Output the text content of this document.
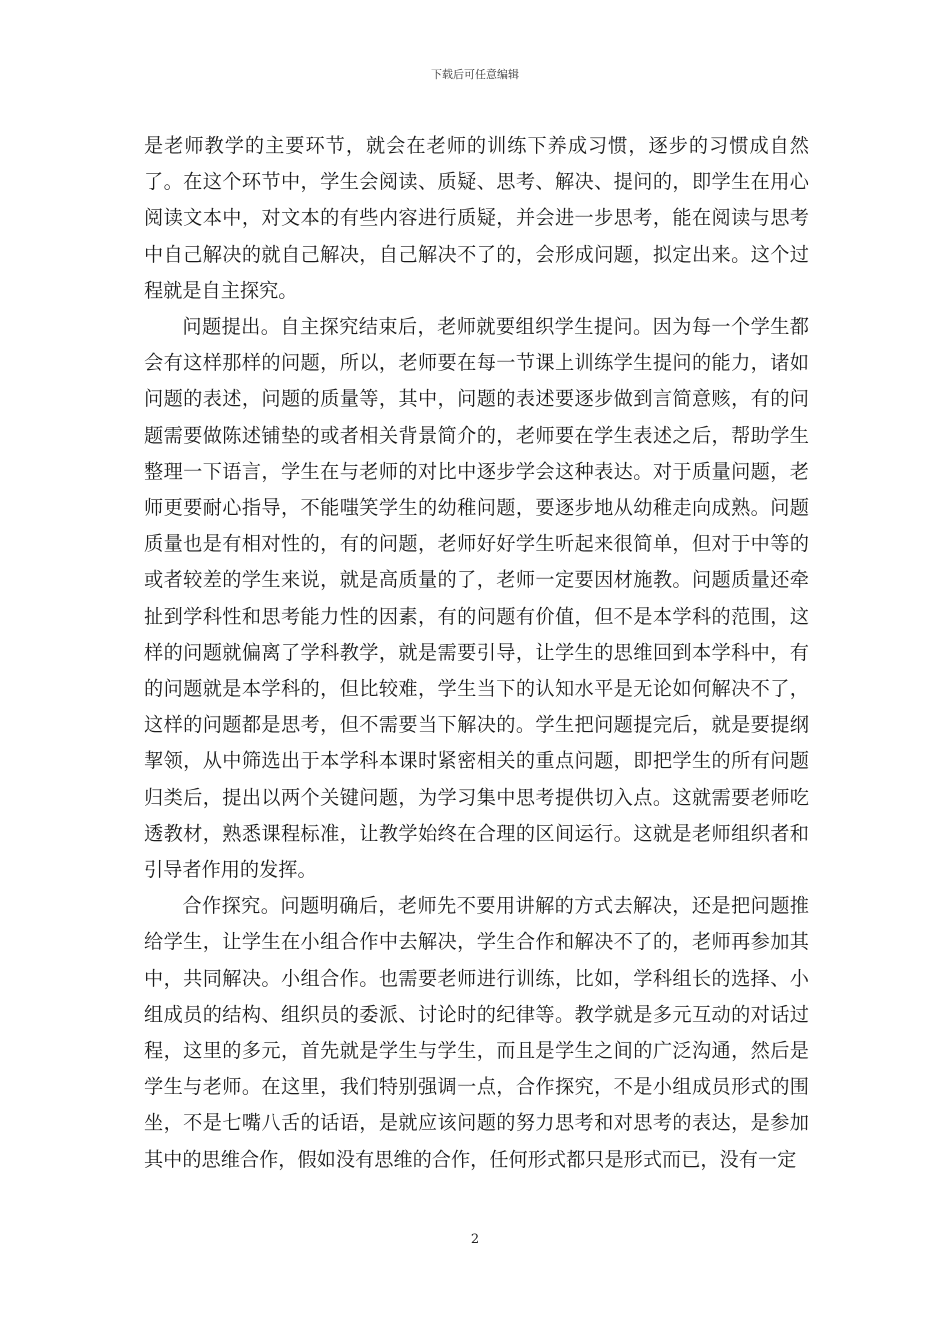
下载后可任意编辑

是老师教学的主要环节，就会在老师的训练下养成习惯，逐步的习惯成自然了。在这个环节中，学生会阅读、质疑、思考、解决、提问的，即学生在用心阅读文本中，对文本的有些内容进行质疑，并会进一步思考，能在阅读与思考中自己解决的就自己解决，自己解决不了的，会形成问题，拟定出来。这个过程就是自主探究。

问题提出。自主探究结束后，老师就要组织学生提问。因为每一个学生都会有这样那样的问题，所以，老师要在每一节课上训练学生提问的能力，诸如问题的表述，问题的质量等，其中，问题的表述要逐步做到言简意赅，有的问题需要做陈述铺垫的或者相关背景简介的，老师要在学生表述之后，帮助学生整理一下语言，学生在与老师的对比中逐步学会这种表达。对于质量问题，老师更要耐心指导，不能嗤笑学生的幼稚问题，要逐步地从幼稚走向成熟。问题质量也是有相对性的，有的问题，老师好好学生听起来很简单，但对于中等的或者较差的学生来说，就是高质量的了，老师一定要因材施教。问题质量还牵扯到学科性和思考能力性的因素，有的问题有价值，但不是本学科的范围，这样的问题就偏离了学科教学，就是需要引导，让学生的思维回到本学科中，有的问题就是本学科的，但比较难，学生当下的认知水平是无论如何解决不了，这样的问题都是思考，但不需要当下解决的。学生把问题提完后，就是要提纲挈领，从中筛选出于本学科本课时紧密相关的重点问题，即把学生的所有问题归类后，提出以两个关键问题，为学习集中思考提供切入点。这就需要老师吃透教材，熟悉课程标准，让教学始终在合理的区间运行。这就是老师组织者和引导者作用的发挥。

合作探究。问题明确后，老师先不要用讲解的方式去解决，还是把问题推给学生，让学生在小组合作中去解决，学生合作和解决不了的，老师再参加其中，共同解决。小组合作。也需要老师进行训练，比如，学科组长的选择、小组成员的结构、组织员的委派、讨论时的纪律等。教学就是多元互动的对话过程，这里的多元，首先就是学生与学生，而且是学生之间的广泛沟通，然后是学生与老师。在这里，我们特别强调一点，合作探究，不是小组成员形式的围坐，不是七嘴八舌的话语，是就应该问题的努力思考和对思考的表达，是参加其中的思维合作，假如没有思维的合作，任何形式都只是形式而已，没有一定

2
